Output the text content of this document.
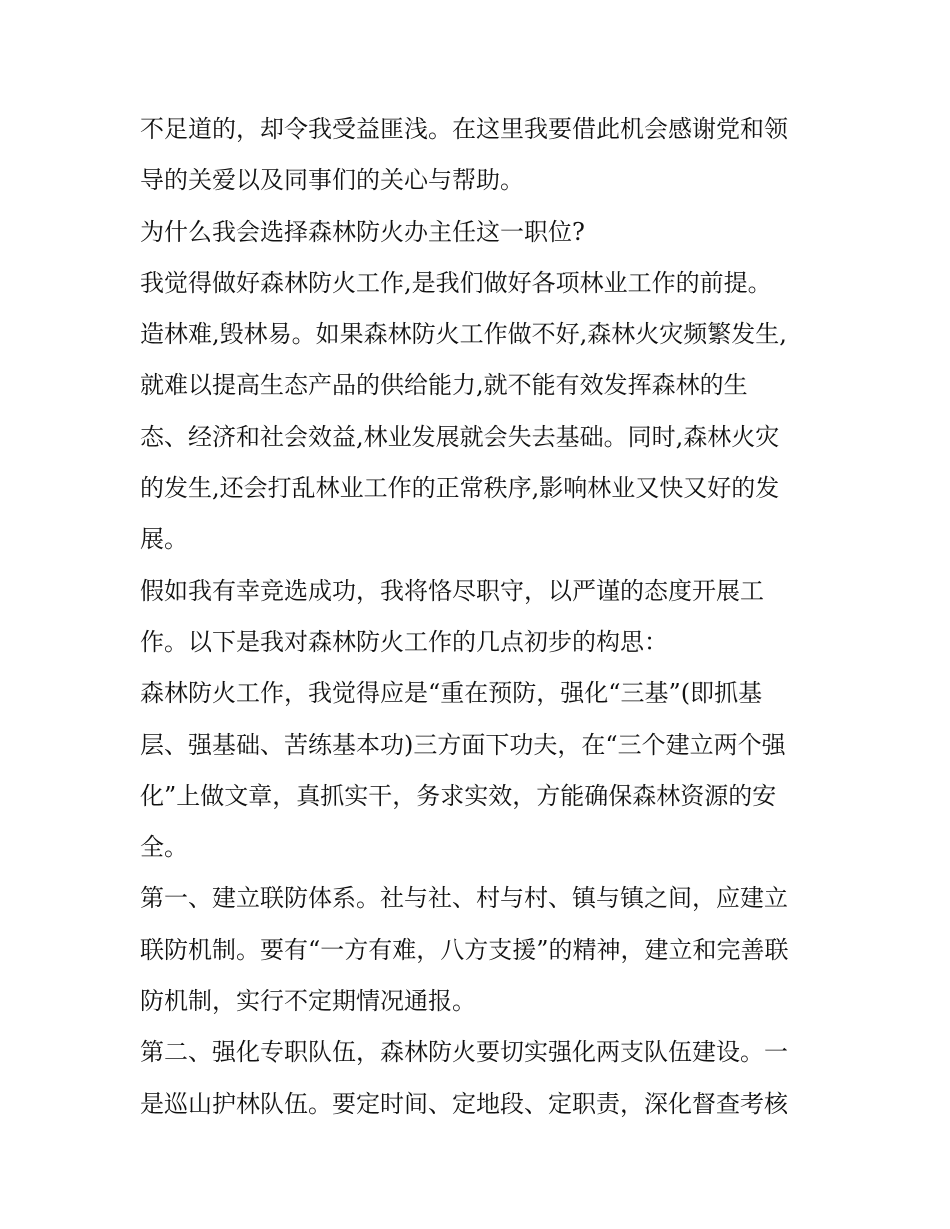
不足道的，却令我受益匪浅。在这里我要借此机会感谢党和领
导的关爱以及同事们的关心与帮助。
为什么我会选择森林防火办主任这一职位?
我觉得做好森林防火工作,是我们做好各项林业工作的前提。
造林难,毁林易。如果森林防火工作做不好,森林火灾频繁发生,
就难以提高生态产品的供给能力,就不能有效发挥森林的生
态、经济和社会效益,林业发展就会失去基础。同时,森林火灾
的发生,还会打乱林业工作的正常秩序,影响林业又快又好的发
展。
假如我有幸竞选成功，我将恪尽职守，以严谨的态度开展工
作。以下是我对森林防火工作的几点初步的构思：
森林防火工作，我觉得应是“重在预防，强化“三基”(即抓基
层、强基础、苦练基本功)三方面下功夫，在“三个建立两个强
化”上做文章，真抓实干，务求实效，方能确保森林资源的安
全。
第一、建立联防体系。社与社、村与村、镇与镇之间，应建立
联防机制。要有“一方有难，八方支援”的精神，建立和完善联
防机制，实行不定期情况通报。
第二、强化专职队伍，森林防火要切实强化两支队伍建设。一
是巡山护林队伍。要定时间、定地段、定职责，深化督查考核
